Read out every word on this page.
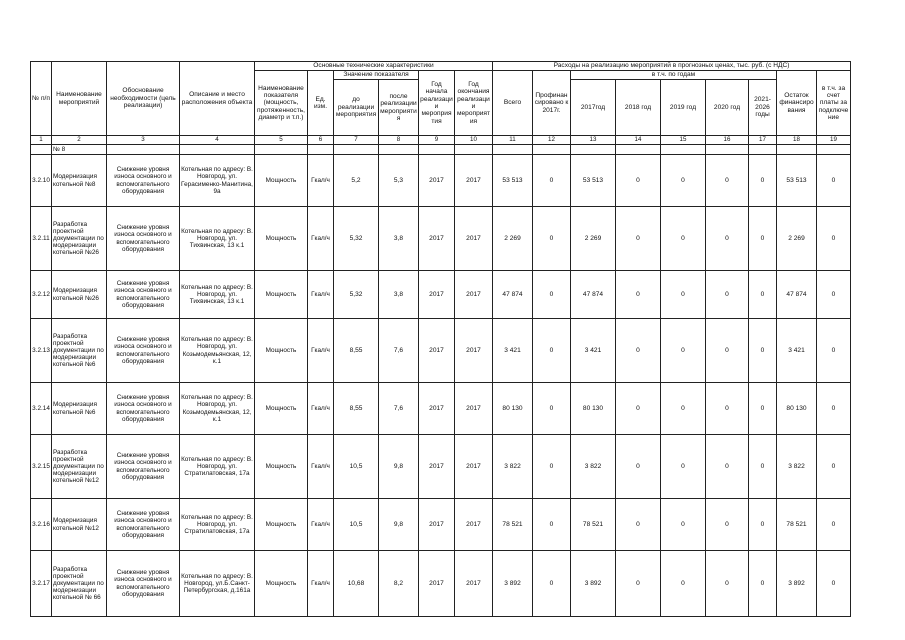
№ п/п	Наименование мероприятий	Обоснование необходимости (цель реализации)	Описание и место расположения объекта	Основные технические характеристики						Расходы на реализацию мероприятий в прогнозных ценах, тыс. руб. (с НДС)								
				Наименование показателя (мощность, протяженность, диаметр и т.п.)	Ед. изм.	Значение показателя		Год начала реализации мероприятия	Год окончания реализации мероприятия	Всего	Профинансировано к 2017г.	в т.ч. по годам					Остаток финансирования	в т.ч. за счет платы за подключение
						до реализации мероприятия	после реализации мероприятия					2017год	2018 год	2019 год	2020 год	2021-2026 годы		
1	2	3	4	5	6	7	8	9	10	11	12	13	14	15	16	17	18	19
	№ 8																	
3.2.10	Модернизация котельной №8	Снижение уровня износа основного и вспомогательного оборудования	Котельная по адресу: В. Новгород, ул. Герасименко-Манитина, 9а	Мощность	Гкал/ч	5,2	5,3	2017	2017	53 513	0	53 513	0	0	0	0	53 513	0
3.2.11	Разработка проектной документации по модернизации котельной №26	Снижение уровня износа основного и вспомогательного оборудования	Котельная по адресу: В. Новгород, ул. Тихвинская, 13 к.1	Мощность	Гкал/ч	5,32	3,8	2017	2017	2 269	0	2 269	0	0	0	0	2 269	0
3.2.12	Модернизация котельной №26	Снижение уровня износа основного и вспомогательного оборудования	Котельная по адресу: В. Новгород, ул. Тихвинская, 13 к.1	Мощность	Гкал/ч	5,32	3,8	2017	2017	47 874	0	47 874	0	0	0	0	47 874	0
3.2.13	Разработка проектной документации по модернизации котельной №6	Снижение уровня износа основного и вспомогательного оборудования	Котельная по адресу: В. Новгород, ул. Козьмодемьянская, 12, к.1	Мощность	Гкал/ч	8,55	7,6	2017	2017	3 421	0	3 421	0	0	0	0	3 421	0
3.2.14	Модернизация котельной №6	Снижение уровня износа основного и вспомогательного оборудования	Котельная по адресу: В. Новгород, ул. Козьмодемьянская, 12, к.1	Мощность	Гкал/ч	8,55	7,6	2017	2017	80 130	0	80 130	0	0	0	0	80 130	0
3.2.15	Разработка проектной документации по модернизации котельной №12	Снижение уровня износа основного и вспомогательного оборудования	Котельная по адресу: В. Новгород, ул. Стратилатовская, 17а	Мощность	Гкал/ч	10,5	9,8	2017	2017	3 822	0	3 822	0	0	0	0	3 822	0
3.2.16	Модернизация котельной №12	Снижение уровня износа основного и вспомогательного оборудования	Котельная по адресу: В. Новгород, ул. Стратилатовская, 17а	Мощность	Гкал/ч	10,5	9,8	2017	2017	78 521	0	78 521	0	0	0	0	78 521	0
3.2.17	Разработка проектной документации по модернизации котельной № 66	Снижение уровня износа основного и вспомогательного оборудования	Котельная по адресу: В. Новгород, ул.Б.Санкт-Петербургская, д.161а	Мощность	Гкал/ч	10,68	8,2	2017	2017	3 892	0	3 892	0	0	0	0	3 892	0
